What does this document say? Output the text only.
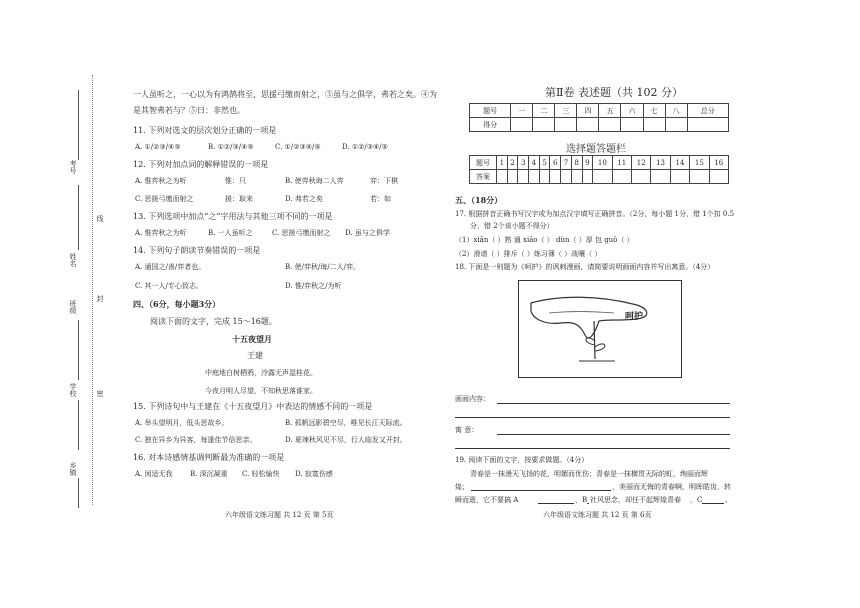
考号
线
姓名
封
班级
密
学校
乡镇
一人虽听之，一心以为有鸿鹄将至，思援弓缴而射之，③虽与之俱学，弗若之矣。④为
是其智弗若与？⑤曰：非然也。
11. 下列对选文的层次划分正确的一项是
A. ①/②③/④⑤	B. ①②/③/④⑤	C. ①/②③④/⑤	D. ①②/③④/⑤
12. 下列对加点词的解释错误的一项是
A. 惟弈秋之为听	惟：只	B. 使弈秋诲二人弈	弈：下棋
C. 思援弓缴而射之	援：取来	D. 弗若之矣	若：如
13. 下列选项中加点“之”字用法与其他三项不同的一项是
A. 惟弈秋之为听	B. 一人虽听之	C. 思援弓缴而射之 D. 虽与之俱学
14. 下列句子朗读节奏错误的一项是
A. 通国之/善/弈者也。	B. 使/弈秋/诲/二人/弈。
C. 其一人/专心致志。	D. 惟/弈秋之/为听
四、（6分，每小题3分）
阅读下面的文字，完成 15～16题。
十五夜望月
王建
中庭地白树栖鸦，冷露无声湿桂花。
今夜月明人尽望，不知秋思落谁家。
15. 下列诗句中与王建在《十五夜望月》中表达的情感不同的一项是
A. 举头望明月，低头思故乡。	B. 孤帆远影碧空尽，唯见长江天际流。
C. 独在异乡为异客，每逢佳节倍思亲。	D. 夏竦秋风见不尽，行人临发又开封。
16. 对本诗感情基调判断最为准确的一项是
A. 闲适无我 B. 深沉凝重 C. 轻松愉快 D. 寂寞伤感
六年级语文练习题 共 12 页 第 5页
第Ⅱ卷 表述题（共 102 分）
题号	一	二	三	四	五	六	七	八	总分
得分									
选择题答题栏
题号	1	2	3	4	5	6	7	8	9	10	11	12	13	14	15	16
答案																
五、（18分）
17. 根据拼音正确书写汉字或为加点汉字填写正确拼音。（2分，每小题 1分，错 1个扣 0.5
分，错 2个该小题不得分）
（1）xiān（ ）熟 通 xiāo（ ） dùn（ ）厚 包 guō（ ）
（2）滑谱（ ）排斥（ ）练习簿（ ）战嚷（ ）
18. 下面是一则题为《呵护》的讽刺漫画，请简要说明画面内容并写出寓意。（4分）
呵护
画面内容：
寓 意：
19. 阅读下面的文字，按要求做题。（4分）
青春是一抹漫天飞扬的花，明媚而优伤；青春是一抹横贯天际的虹，绚丽而辉
煌；	，美丽而无悔的青春啊，明晖皓齿，转
瞬而逝，它不要搞 A	，B 社风思念，却任不起辉煌青春 ，C	。
六年级语文练习题 共 12 页 第 6页
